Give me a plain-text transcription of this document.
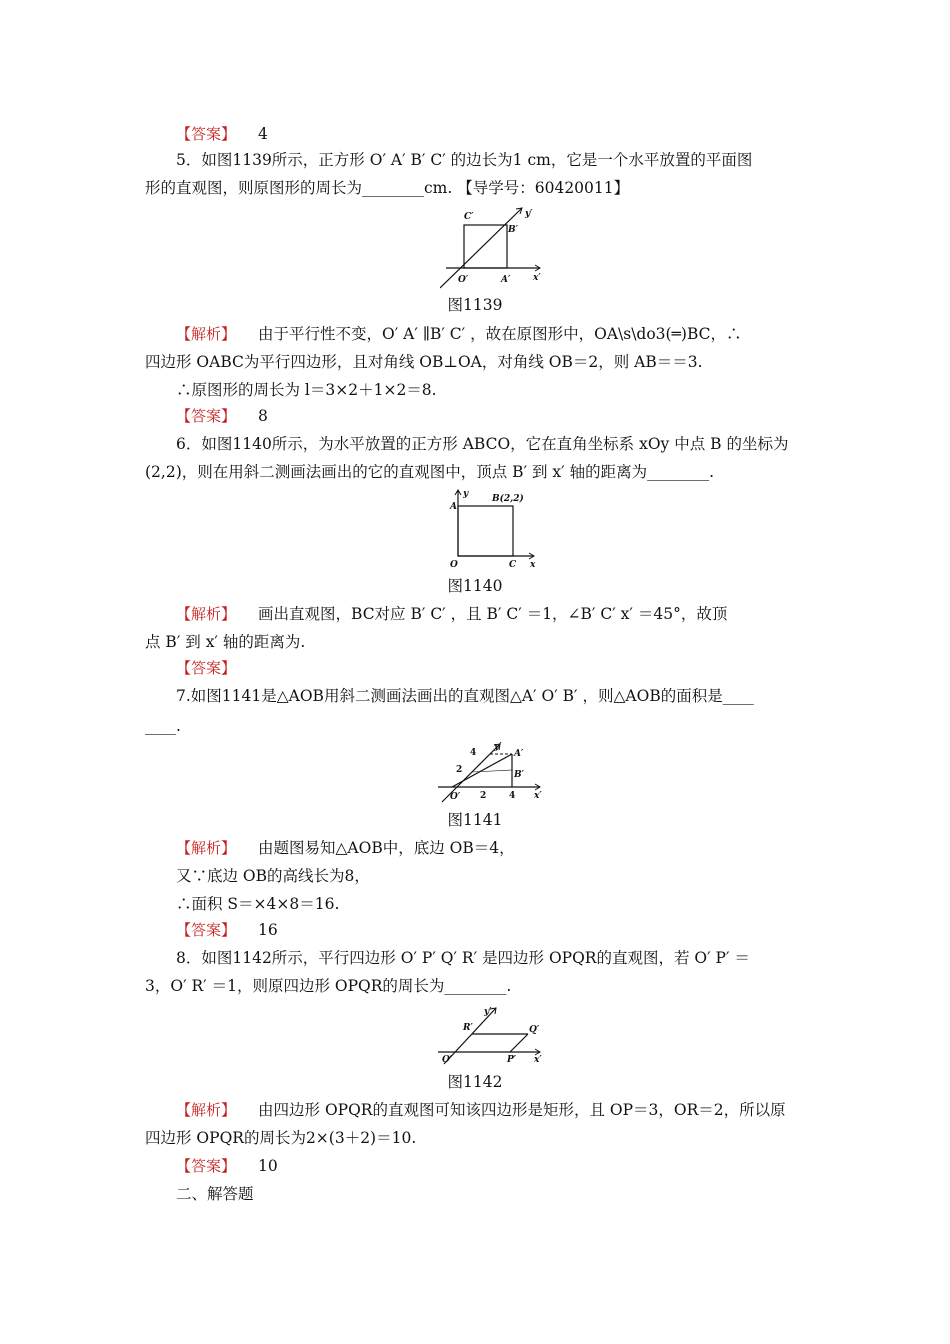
【答案】 4
5．如图1139所示，正方形 O′ A′ B′ C′ 的边长为1 cm，它是一个水平放置的平面图
形的直观图，则原图形的周长为________cm. 【导学号：60420011】
C′	y′
B′
O′	A′	x′
图1139
【解析】 由于平行性不变，O′ A′ ∥B′ C′ ，故在原图形中，OA\s\do3(═)BC，∴
四边形 OABC为平行四边形，且对角线 OB⊥OA，对角线 OB＝2，则 AB＝＝3.
∴原图形的周长为 l＝3×2＋1×2＝8.
【答案】 8
6．如图1140所示，为水平放置的正方形 ABCO，它在直角坐标系 xOy 中点 B 的坐标为
(2,2)，则在用斜二测画法画出的它的直观图中，顶点 B′ 到 x′ 轴的距离为________.
y
A
B(2,2)
O	C x
图1140
【解析】 画出直观图，BC对应 B′ C′ ，且 B′ C′ ＝1，∠B′ C′ x′ ＝45°，故顶
点 B′ 到 x′ 轴的距离为.
【答案】
7.如图1141是△AOB用斜二测画法画出的直观图△A′ O′ B′ ，则△AOB的面积是____
____.
4
y′
A′
2	B′
O′ 2	4 x′
图1141
【解析】 由题图易知△AOB中，底边 OB＝4，
又∵底边 OB的高线长为8，
∴面积 S＝×4×8＝16.
【答案】 16
8．如图1142所示，平行四边形 O′ P′ Q′ R′ 是四边形 OPQR的直观图，若 O′ P′ ＝
3，O′ R′ ＝1，则原四边形 OPQR的周长为________.
y′
R′	Q′
O′	P′ x′
图1142
【解析】 由四边形 OPQR的直观图可知该四边形是矩形，且 OP＝3，OR＝2，所以原
四边形 OPQR的周长为2×(3＋2)＝10.
【答案】 10
二、解答题
